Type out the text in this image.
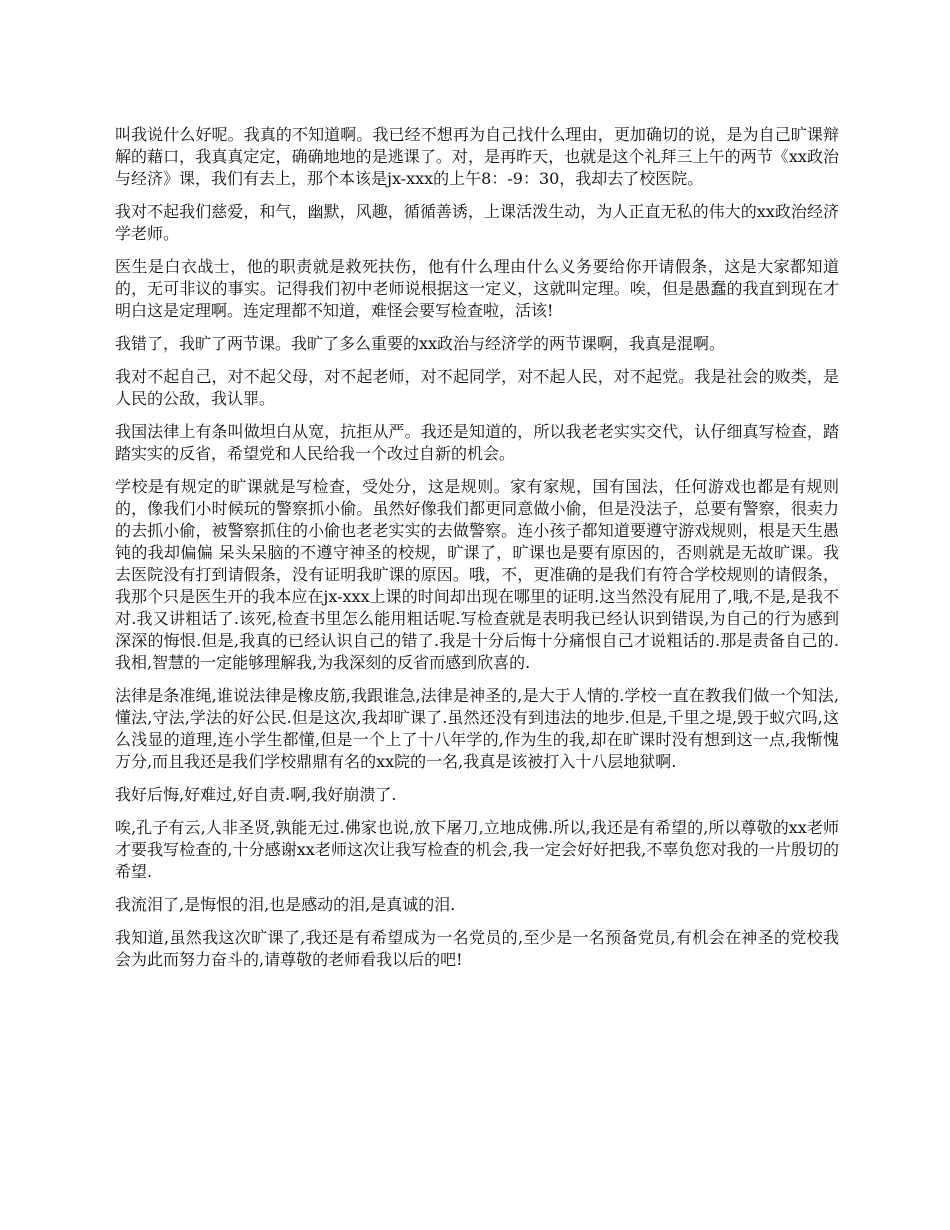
叫我说什么好呢。我真的不知道啊。我已经不想再为自己找什么理由，更加确切的说，是为自己旷课辩解的藉口，我真真定定，确确地地的是逃课了。对，是再昨天，也就是这个礼拜三上午的两节《xx政治与经济》课，我们有去上，那个本该是jx-xxx的上午8：-9：30，我却去了校医院。

我对不起我们慈爱，和气，幽默，风趣，循循善诱，上课活泼生动，为人正直无私的伟大的xx政治经济学老师。

医生是白衣战士，他的职责就是救死扶伤，他有什么理由什么义务要给你开请假条，这是大家都知道的，无可非议的事实。记得我们初中老师说根据这一定义，这就叫定理。唉，但是愚蠢的我直到现在才明白这是定理啊。连定理都不知道，难怪会要写检查啦，活该!

我错了，我旷了两节课。我旷了多么重要的xx政治与经济学的两节课啊，我真是混啊。

我对不起自己，对不起父母，对不起老师，对不起同学，对不起人民，对不起党。我是社会的败类，是人民的公敌，我认罪。

我国法律上有条叫做坦白从宽，抗拒从严。我还是知道的，所以我老老实实交代，认仔细真写检查，踏踏实实的反省，希望党和人民给我一个改过自新的机会。

学校是有规定的旷课就是写检查，受处分，这是规则。家有家规，国有国法，任何游戏也都是有规则的，像我们小时候玩的警察抓小偷。虽然好像我们都更同意做小偷，但是没法子，总要有警察，很卖力的去抓小偷，被警察抓住的小偷也老老实实的去做警察。连小孩子都知道要遵守游戏规则，根是天生愚钝的我却偏偏 呆头呆脑的不遵守神圣的校规，旷课了，旷课也是要有原因的，否则就是无故旷课。我去医院没有打到请假条，没有证明我旷课的原因。哦，不，更准确的是我们有符合学校规则的请假条，我那个只是医生开的我本应在jx-xxx上课的时间却出现在哪里的证明.这当然没有屁用了,哦,不是,是我不对.我又讲粗话了.该死,检查书里怎么能用粗话呢.写检查就是表明我已经认识到错误,为自己的行为感到深深的悔恨.但是,我真的已经认识自己的错了.我是十分后悔十分痛恨自己才说粗话的.那是责备自己的.我相,智慧的一定能够理解我,为我深刻的反省而感到欣喜的.

法律是条准绳,谁说法律是橡皮筋,我跟谁急,法律是神圣的,是大于人情的.学校一直在教我们做一个知法,懂法,守法,学法的好公民.但是这次,我却旷课了.虽然还没有到违法的地步.但是,千里之堤,毁于蚁穴吗,这么浅显的道理,连小学生都懂,但是一个上了十八年学的,作为生的我,却在旷课时没有想到这一点,我惭愧万分,而且我还是我们学校鼎鼎有名的xx院的一名,我真是该被打入十八层地狱啊.

我好后悔,好难过,好自责.啊,我好崩溃了.

唉,孔子有云,人非圣贤,孰能无过.佛家也说,放下屠刀,立地成佛.所以,我还是有希望的,所以尊敬的xx老师才要我写检查的,十分感谢xx老师这次让我写检查的机会,我一定会好好把我,不辜负您对我的一片殷切的希望.

我流泪了,是悔恨的泪,也是感动的泪,是真诚的泪.

我知道,虽然我这次旷课了,我还是有希望成为一名党员的,至少是一名预备党员,有机会在神圣的党校我会为此而努力奋斗的,请尊敬的老师看我以后的吧!
